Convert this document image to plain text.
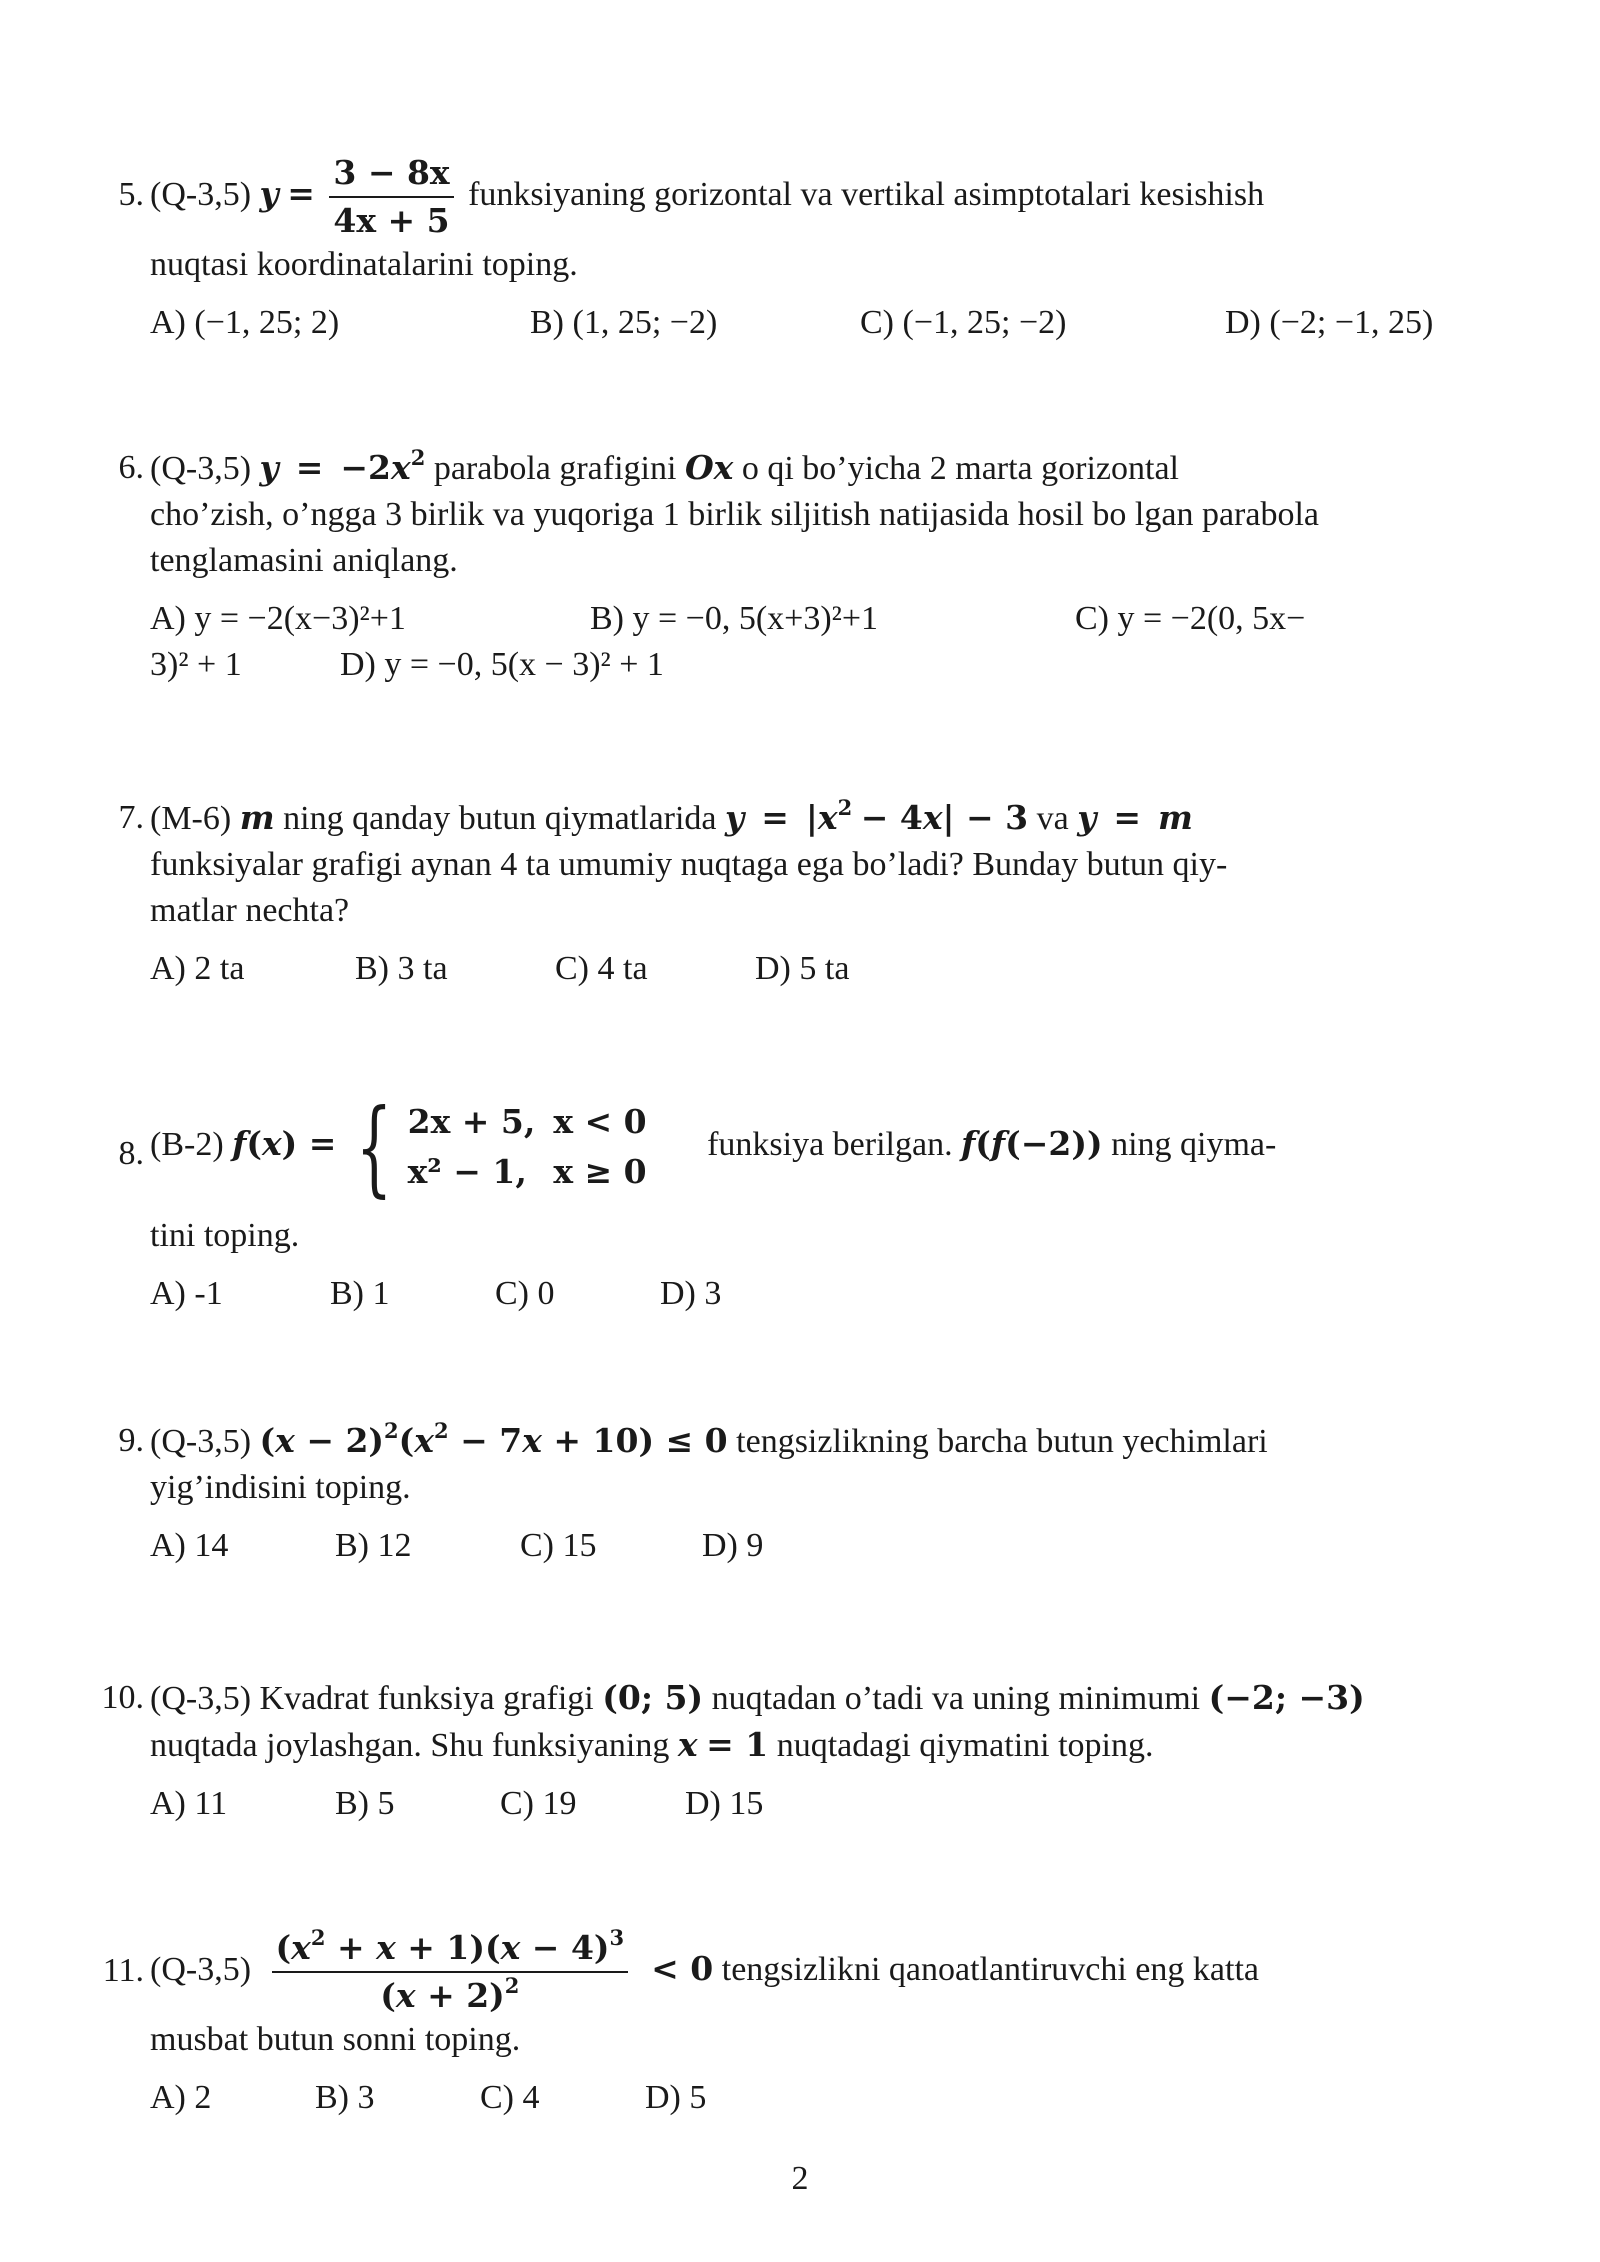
5. (Q-3,5) $y = \frac{3 - 8x}{4x + 5}$ funksiyaning gorizontal va vertikal asimptotalari kesishish
nuqtasi koordinatalarini toping.
A) (−1, 25; 2)	B) (1, 25; −2)	C) (−1, 25; −2)	D) (−2; −1, 25)
6. (Q-3,5) $y = -2x^2$ parabola grafigini Ox o qi bo’yicha 2 marta gorizontal
cho’zish, o’ngga 3 birlik va yuqoriga 1 birlik siljitish natijasida hosil bo lgan parabola
tenglamasini aniqlang.
A) y = −2(x−3)²+1	B) y = −0, 5(x+3)²+1	C) y = −2(0, 5x−
3)² + 1	D) y = −0, 5(x − 3)² + 1
7. (M-6) m ning qanday butun qiymatlarida $y = |x^2 - 4x| - 3$ va y = m
funksiyalar grafigi aynan 4 ta umumiy nuqtaga ega bo’ladi? Bunday butun qiy-
matlar nechta?
A) 2 ta	B) 3 ta	C) 4 ta	D) 5 ta
8. (B-2) f(x) = { 2x + 5,	x < 0
x² − 1,	x ≥ 0 funksiya berilgan. f(f(−2)) ning qiyma-
tini toping.
A) -1	B) 1	C) 0	D) 3
9. (Q-3,5) $(x - 2)^2(x^2 - 7x + 10) \le 0$ tengsizlikning barcha butun yechimlari
yig’indisini toping.
A) 14	B) 12	C) 15	D) 9
10. (Q-3,5) Kvadrat funksiya grafigi (0; 5) nuqtadan o’tadi va uning minimumi (−2; −3)
nuqtada joylashgan. Shu funksiyaning x = 1 nuqtadagi qiymatini toping.
A) 11	B) 5	C) 19	D) 15
11. $(Q-3,5) \frac{(x^2 + x + 1)(x - 4)^3}{(x + 2)^2} < 0$ tengsizlikni qanoatlantiruvchi eng katta
musbat butun sonni toping.
A) 2	B) 3	C) 4	D) 5
2
